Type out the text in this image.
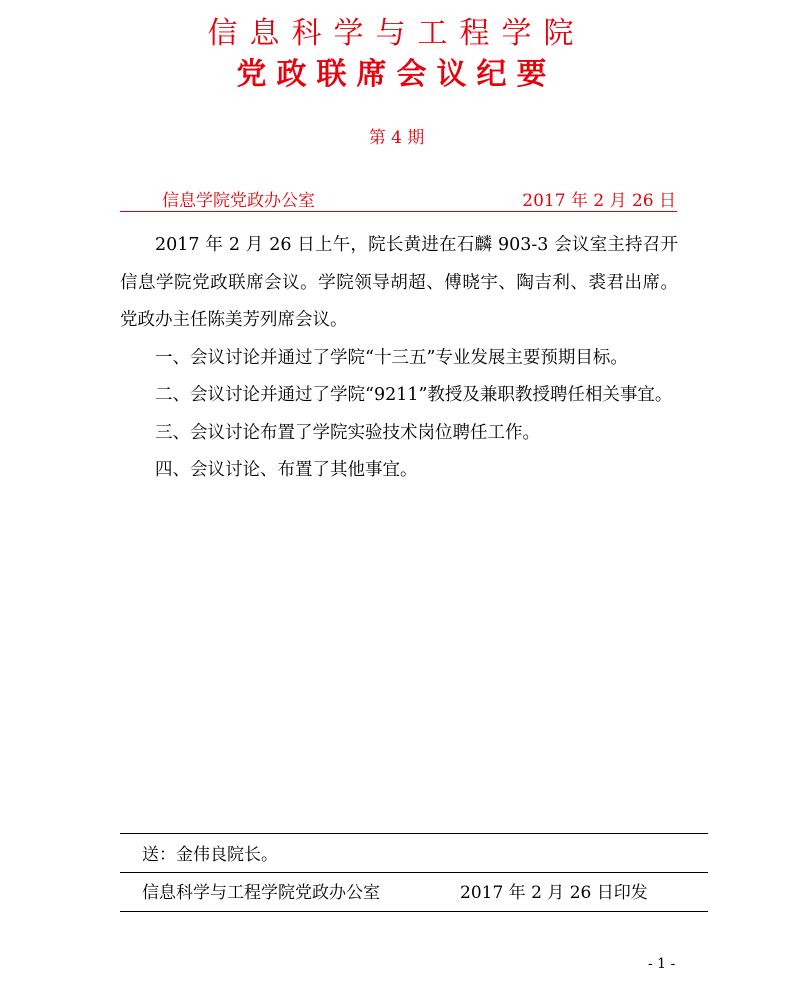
信息科学与工程学院
党政联席会议纪要
第 4 期
信息学院党政办公室	2017 年 2 月 26 日

2017 年 2 月 26 日上午，院长黄进在石麟 903-3 会议室主持召开信息学院党政联席会议。学院领导胡超、傅晓宇、陶吉利、裘君出席。党政办主任陈美芳列席会议。

一、会议讨论并通过了学院“十三五”专业发展主要预期目标。

二、会议讨论并通过了学院“9211”教授及兼职教授聘任相关事宜。

三、会议讨论布置了学院实验技术岗位聘任工作。

四、会议讨论、布置了其他事宜。

送：金伟良院长。
信息科学与工程学院党政办公室	2017 年 2 月 26 日印发
- 1 -
